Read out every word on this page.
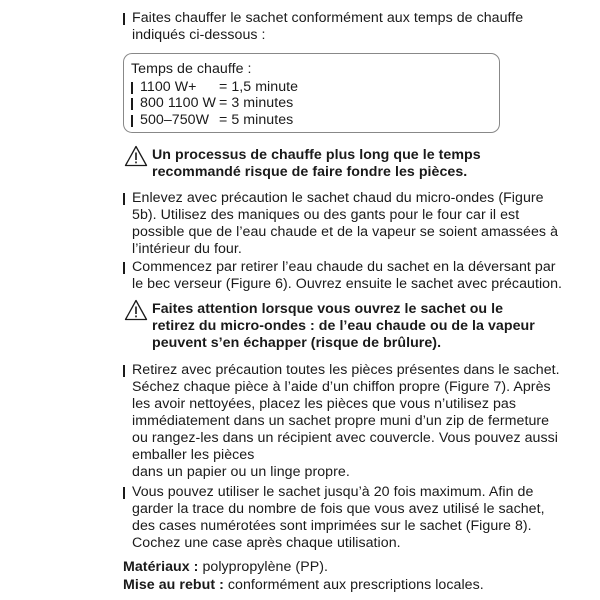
Faites chauffer le sachet conformément aux temps de chauffe
indiqués ci-dessous :
Temps de chauffe :
1100 W+ = 1,5 minute
800 1100 W = 3 minutes
500–750W = 5 minutes
Un processus de chauffe plus long que le temps
recommandé risque de faire fondre les pièces.
Enlevez avec précaution le sachet chaud du micro-ondes (Figure
5b). Utilisez des maniques ou des gants pour le four car il est
possible que de l’eau chaude et de la vapeur se soient amassées à
l’intérieur du four.
Commencez par retirer l’eau chaude du sachet en la déversant par
le bec verseur (Figure 6). Ouvrez ensuite le sachet avec précaution.
Faites attention lorsque vous ouvrez le sachet ou le
retirez du micro-ondes : de l’eau chaude ou de la vapeur
peuvent s’en échapper (risque de brûlure).
Retirez avec précaution toutes les pièces présentes dans le sachet.
Séchez chaque pièce à l’aide d’un chiffon propre (Figure 7). Après
les avoir nettoyées, placez les pièces que vous n’utilisez pas
immédiatement dans un sachet propre muni d’un zip de fermeture
ou rangez-les dans un récipient avec couvercle. Vous pouvez aussi
emballer les pièces
dans un papier ou un linge propre.
Vous pouvez utiliser le sachet jusqu’à 20 fois maximum. Afin de
garder la trace du nombre de fois que vous avez utilisé le sachet,
des cases numérotées sont imprimées sur le sachet (Figure 8).
Cochez une case après chaque utilisation.
Matériaux : polypropylène (PP).
Mise au rebut : conformément aux prescriptions locales.
